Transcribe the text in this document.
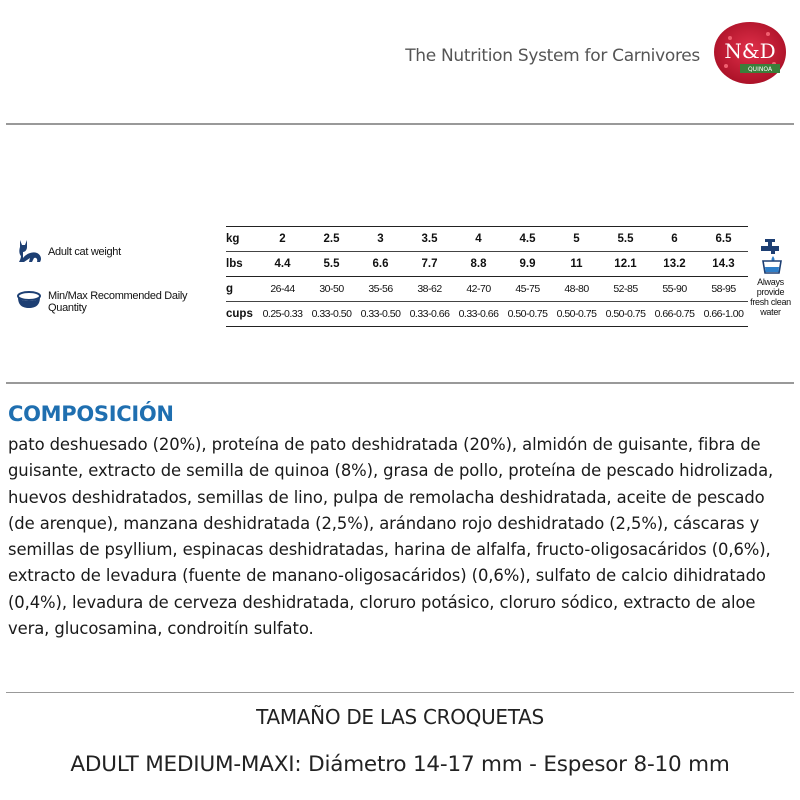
The Nutrition System for Carnivores N&D
QUINOA
	Adult cat weight	kg	2	2.5	3	3.5	4	4.5	5	5.5	6	6.5	Always provide fresh clean water
		lbs	4.4	5.5	6.6	7.7	8.8	9.9	11	12.1	13.2	14.3	
	Min/Max Recommended Daily Quantity	g	26-44	30-50	35-56	38-62	42-70	45-75	48-80	52-85	55-90	58-95	
		cups	0.25-0.33	0.33-0.50	0.33-0.50	0.33-0.66	0.33-0.66	0.50-0.75	0.50-0.75	0.50-0.75	0.66-0.75	0.66-1.00	
COMPOSICIÓN

pato deshuesado (20%), proteína de pato deshidratada (20%), almidón de guisante, fibra de guisante, extracto de semilla de quinoa (8%), grasa de pollo, proteína de pescado hidrolizada, huevos deshidratados, semillas de lino, pulpa de remolacha deshidratada, aceite de pescado (de arenque), manzana deshidratada (2,5%), arándano rojo deshidratado (2,5%), cáscaras y semillas de psyllium, espinacas deshidratadas, harina de alfalfa, fructo-oligosacáridos (0,6%), extracto de levadura (fuente de manano-oligosacáridos) (0,6%), sulfato de calcio dihidratado (0,4%), levadura de cerveza deshidratada, cloruro potásico, cloruro sódico, extracto de aloe vera, glucosamina, condroitín sulfato.

TAMAÑO DE LAS CROQUETAS
ADULT MEDIUM-MAXI: Diámetro 14-17 mm - Espesor 8-10 mm
